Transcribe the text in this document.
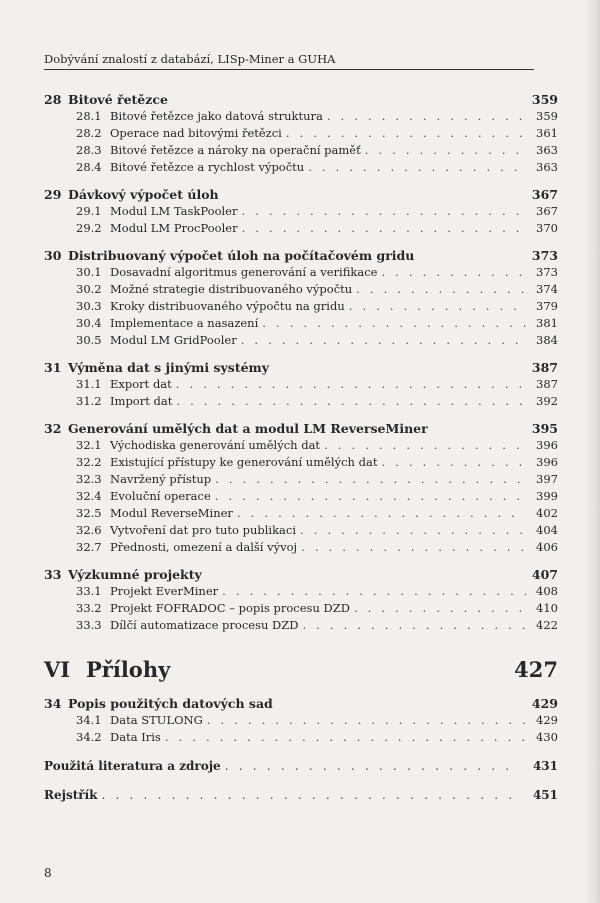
Dobývání znalostí z databází, LISp-Miner a GUHA
28 Bitové řetězce	359
28.1 Bitové řetězce jako datová struktura . . .	359
28.2 Operace nad bitovými řetězci . . .	361
28.3 Bitové řetězce a nároky na operační paměť . . .	363
28.4 Bitové řetězce a rychlost výpočtu . . .	363
29 Dávkový výpočet úloh	367
29.1 Modul LM TaskPooler . . .	367
29.2 Modul LM ProcPooler . . .	370
30 Distribuovaný výpočet úloh na počítačovém gridu	373
30.1 Dosavadní algoritmus generování a verifikace . . .	373
30.2 Možné strategie distribuovaného výpočtu . . .	374
30.3 Kroky distribuovaného výpočtu na gridu . . .	379
30.4 Implementace a nasazení . . .	381
30.5 Modul LM GridPooler . . .	384
31 Výměna dat s jinými systémy	387
31.1 Export dat . . .	387
31.2 Import dat . . .	392
32 Generování umělých dat a modul LM ReverseMiner	395
32.1 Východiska generování umělých dat . . .	396
32.2 Existující přístupy ke generování umělých dat . . .	396
32.3 Navržený přístup . . .	397
32.4 Evoluční operace . . .	399
32.5 Modul ReverseMiner . . .	402
32.6 Vytvoření dat pro tuto publikaci . . .	404
32.7 Přednosti, omezení a další vývoj . . .	406
33 Výzkumné projekty	407
33.1 Projekt EverMiner . . .	408
33.2 Projekt FOFRADOC – popis procesu DZD . . .	410
33.3 Dílčí automatizace procesu DZD . . .	422
VI Přílohy	427
34 Popis použitých datových sad	429
34.1 Data STULONG . . .	429
34.2 Data Iris . . .	430
Použitá literatura a zdroje . . .	431
Rejstřík . . .	451
8
